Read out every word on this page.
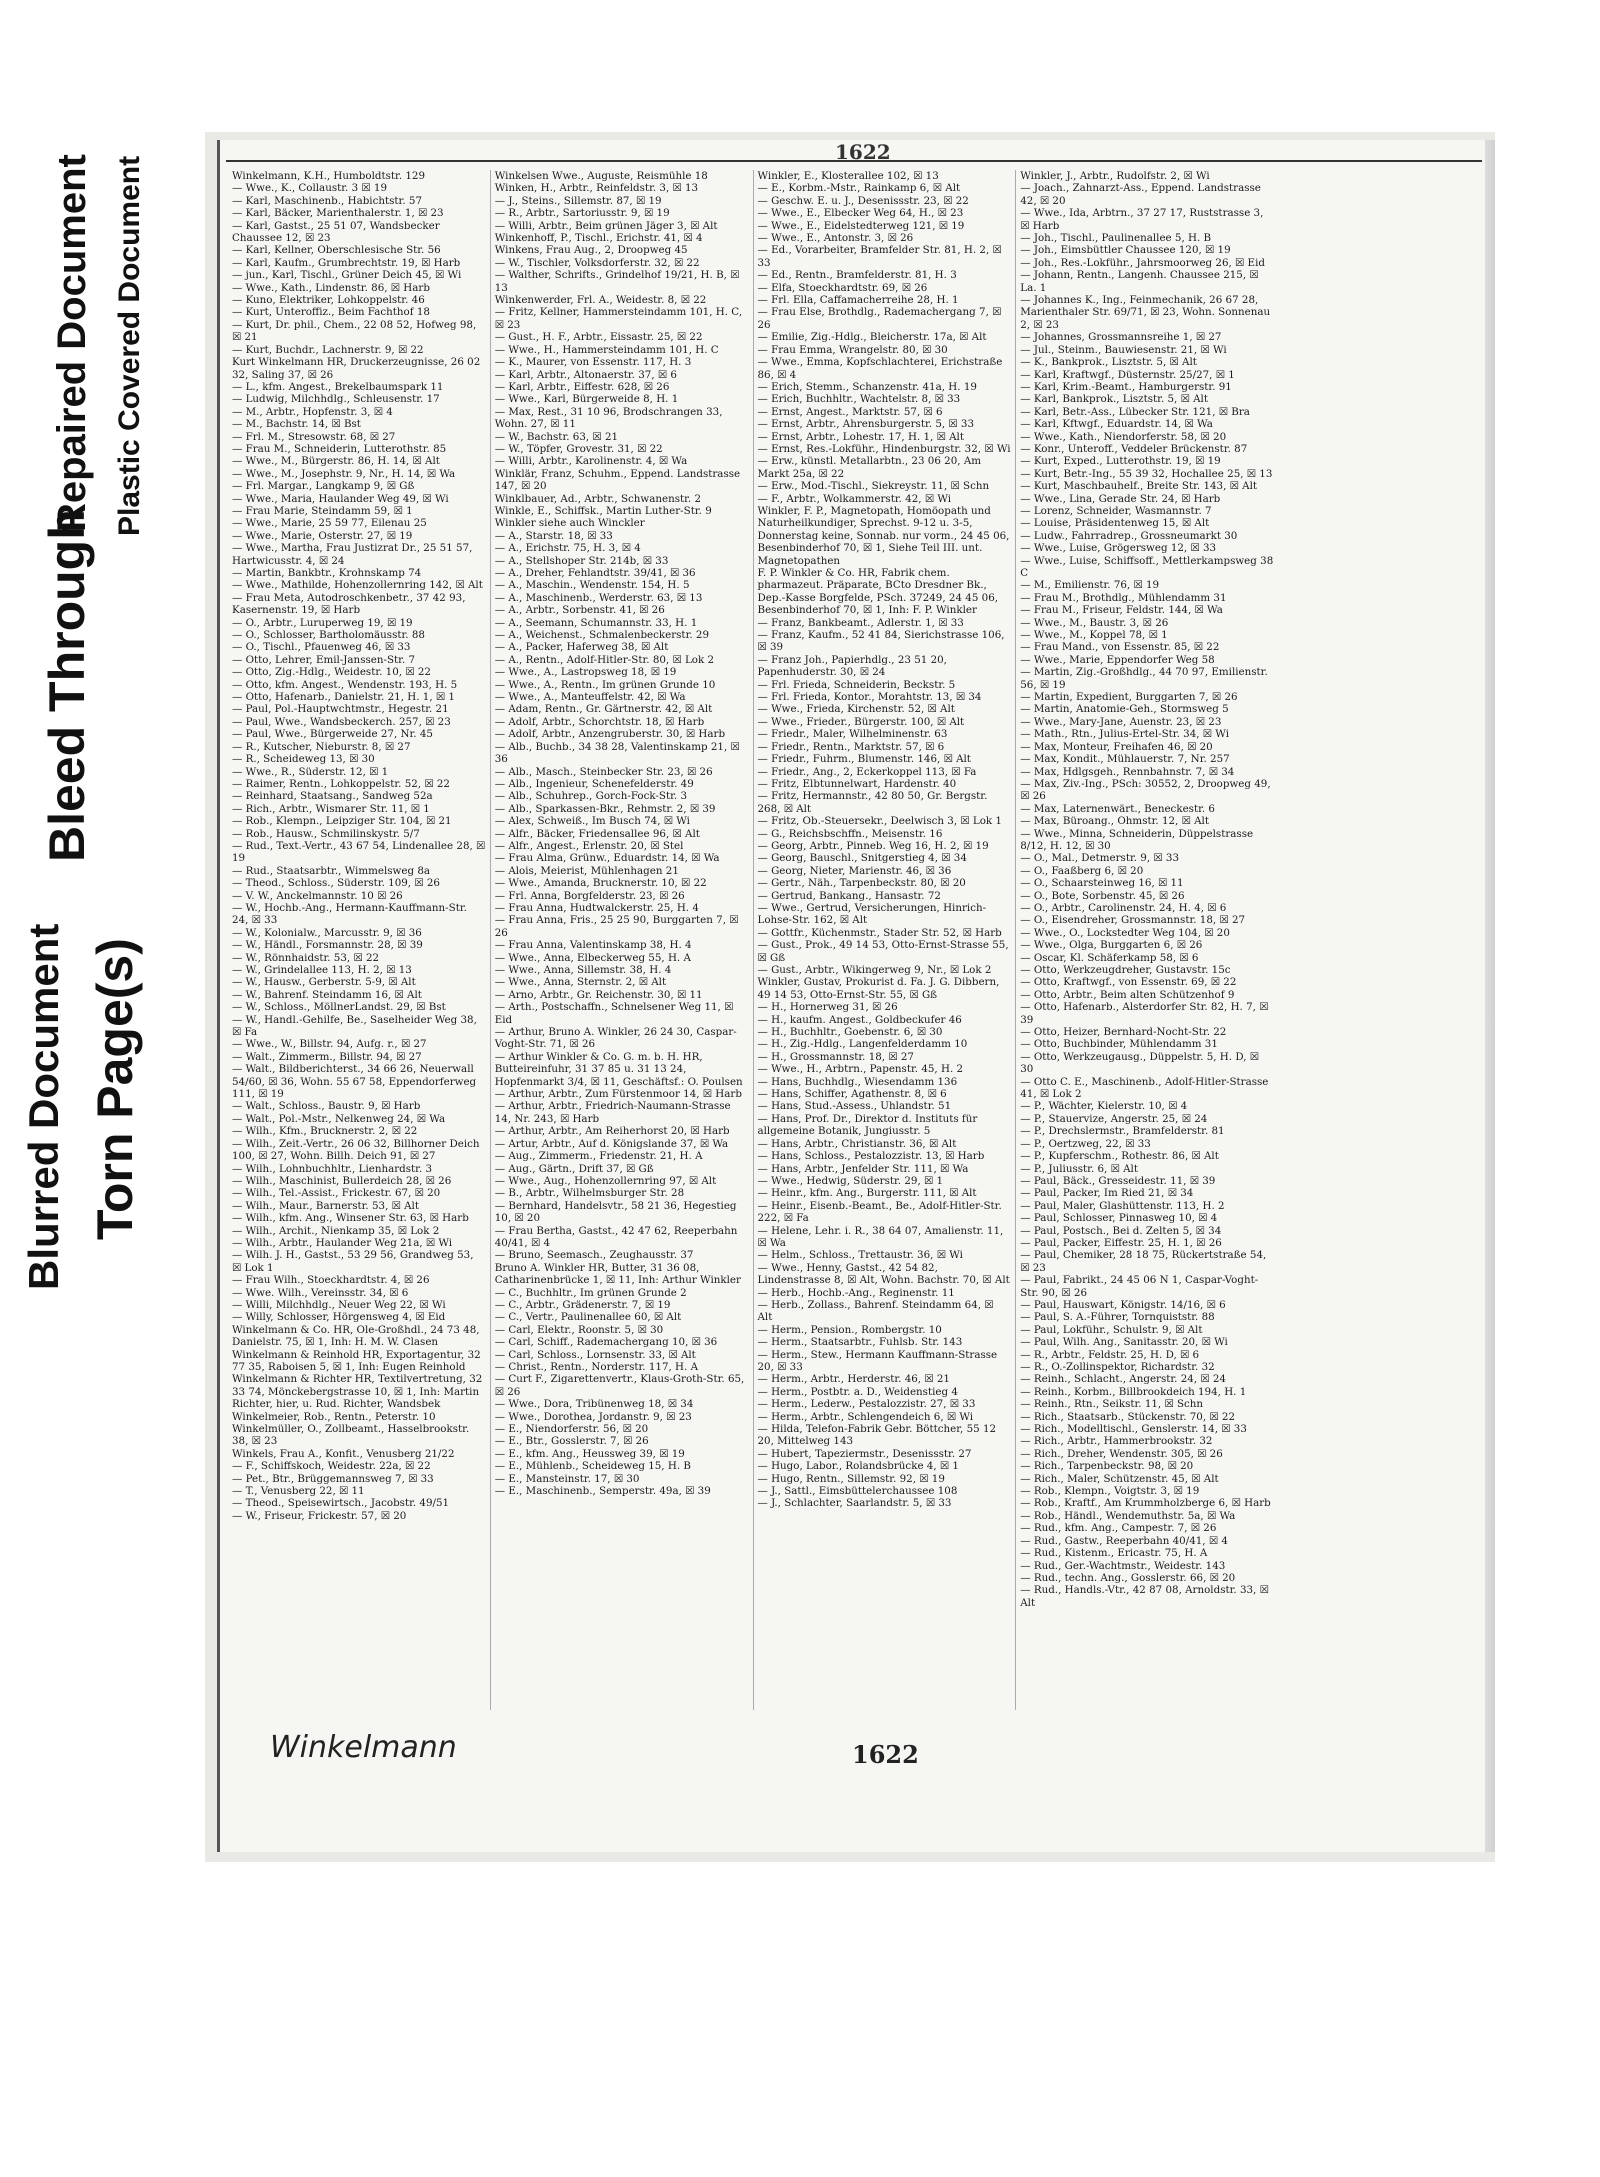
Bleed Through
Repaired Document Plastic Covered Document
Blurred Document Torn Page(s)
1622

Winkelmann, K.H., Humboldtstr. 129

— Wwe., K., Collaustr. 3 ☒ 19

— Karl, Maschinenb., Habichtstr. 57

— Karl, Bäcker, Marienthalerstr. 1, ☒ 23

— Karl, Gastst., 25 51 07, Wandsbecker Chaussee 12, ☒ 23

— Karl, Kellner, Oberschlesische Str. 56

— Karl, Kaufm., Grumbrechtstr. 19, ☒ Harb

— jun., Karl, Tischl., Grüner Deich 45, ☒ Wi

— Wwe., Kath., Lindenstr. 86, ☒ Harb

— Kuno, Elektriker, Lohkoppelstr. 46

— Kurt, Unteroffiz., Beim Fachthof 18

— Kurt, Dr. phil., Chem., 22 08 52, Hofweg 98, ☒ 21

— Kurt, Buchdr., Lachnerstr. 9, ☒ 22

Kurt Winkelmann HR, Druckerzeugnisse, 26 02 32, Saling 37, ☒ 26

— L., kfm. Angest., Brekelbaumspark 11

— Ludwig, Milchhdlg., Schleusenstr. 17

— M., Arbtr., Hopfenstr. 3, ☒ 4

— M., Bachstr. 14, ☒ Bst

— Frl. M., Stresowstr. 68, ☒ 27

— Frau M., Schneiderin, Lutterothstr. 85

— Wwe., M., Bürgerstr. 86, H. 14, ☒ Alt

— Wwe., M., Josephstr. 9, Nr., H. 14, ☒ Wa

— Frl. Margar., Langkamp 9, ☒ Gß

— Wwe., Maria, Haulander Weg 49, ☒ Wi

— Frau Marie, Steindamm 59, ☒ 1

— Wwe., Marie, 25 59 77, Eilenau 25

— Wwe., Marie, Osterstr. 27, ☒ 19

— Wwe., Martha, Frau Justizrat Dr., 25 51 57, Hartwicusstr. 4, ☒ 24

— Martin, Bankbtr., Krohnskamp 74

— Wwe., Mathilde, Hohenzollernring 142, ☒ Alt

— Frau Meta, Autodroschkenbetr., 37 42 93, Kasernenstr. 19, ☒ Harb

— O., Arbtr., Luruperweg 19, ☒ 19

— O., Schlosser, Bartholomäusstr. 88

— O., Tischl., Pfauenweg 46, ☒ 33

— Otto, Lehrer, Emil-Janssen-Str. 7

— Otto, Zig.-Hdlg., Weidestr. 10, ☒ 22

— Otto, kfm. Angest., Wendenstr. 193, H. 5

— Otto, Hafenarb., Danielstr. 21, H. 1, ☒ 1

— Paul, Pol.-Hauptwchtmstr., Hegestr. 21

— Paul, Wwe., Wandsbeckerch. 257, ☒ 23

— Paul, Wwe., Bürgerweide 27, Nr. 45

— R., Kutscher, Nieburstr. 8, ☒ 27

— R., Scheideweg 13, ☒ 30

— Wwe., R., Süderstr. 12, ☒ 1

— Raimer, Rentn., Lohkoppelstr. 52, ☒ 22

— Reinhard, Staatsang., Sandweg 52a

— Rich., Arbtr., Wismarer Str. 11, ☒ 1

— Rob., Klempn., Leipziger Str. 104, ☒ 21

— Rob., Hausw., Schmilinskystr. 5/7

— Rud., Text.-Vertr., 43 67 54, Lindenallee 28, ☒ 19

— Rud., Staatsarbtr., Wimmelsweg 8a

— Theod., Schloss., Süderstr. 109, ☒ 26

— V. W., Anckelmannstr. 10 ☒ 26

— W., Hochb.-Ang., Hermann-Kauffmann-Str. 24, ☒ 33

— W., Kolonialw., Marcusstr. 9, ☒ 36

— W., Händl., Forsmannstr. 28, ☒ 39

— W., Rönnhaidstr. 53, ☒ 22

— W., Grindelallee 113, H. 2, ☒ 13

— W., Hausw., Gerberstr. 5-9, ☒ Alt

— W., Bahrenf. Steindamm 16, ☒ Alt

— W., Schloss., MöllnerLandst. 29, ☒ Bst

— W., Handl.-Gehilfe, Be., Saselheider Weg 38, ☒ Fa

— Wwe., W., Billstr. 94, Aufg. r., ☒ 27

— Walt., Zimmerm., Billstr. 94, ☒ 27

— Walt., Bildberichterst., 34 66 26, Neuerwall 54/60, ☒ 36, Wohn. 55 67 58, Eppendorferweg 111, ☒ 19

— Walt., Schloss., Baustr. 9, ☒ Harb

— Walt., Pol.-Mstr., Nelkenweg 24, ☒ Wa

— Wilh., Kfm., Brucknerstr. 2, ☒ 22

— Wilh., Zeit.-Vertr., 26 06 32, Billhorner Deich 100, ☒ 27, Wohn. Billh. Deich 91, ☒ 27

— Wilh., Lohnbuchhltr., Lienhardstr. 3

— Wilh., Maschinist, Bullerdeich 28, ☒ 26

— Wilh., Tel.-Assist., Frickestr. 67, ☒ 20

— Wilh., Maur., Barnerstr. 53, ☒ Alt

— Wilh., kfm. Ang., Winsener Str. 63, ☒ Harb

— Wilh., Archit., Nienkamp 35, ☒ Lok 2

— Wilh., Arbtr., Haulander Weg 21a, ☒ Wi

— Wilh. J. H., Gastst., 53 29 56, Grandweg 53, ☒ Lok 1

— Frau Wilh., Stoeckhardtstr. 4, ☒ 26

— Wwe. Wilh., Vereinsstr. 34, ☒ 6

— Willi, Milchhdlg., Neuer Weg 22, ☒ Wi

— Willy, Schlosser, Hörgensweg 4, ☒ Eid

Winkelmann & Co. HR, Ole-Großhdl., 24 73 48, Danielstr. 75, ☒ 1, Inh: H. M. W. Clasen

Winkelmann & Reinhold HR, Exportagentur, 32 77 35, Raboisen 5, ☒ 1, Inh: Eugen Reinhold

Winkelmann & Richter HR, Textilvertretung, 32 33 74, Mönckebergstrasse 10, ☒ 1, Inh: Martin Richter, hier, u. Rud. Richter, Wandsbek

Winkelmeier, Rob., Rentn., Peterstr. 10

Winkelmüller, O., Zollbeamt., Hasselbrookstr. 38, ☒ 23

Winkels, Frau A., Konfit., Venusberg 21/22

— F., Schiffskoch, Weidestr. 22a, ☒ 22

— Pet., Btr., Brüggemannsweg 7, ☒ 33

— T., Venusberg 22, ☒ 11

— Theod., Speisewirtsch., Jacobstr. 49/51

— W., Friseur, Frickestr. 57, ☒ 20

Winkelsen Wwe., Auguste, Reismühle 18

Winken, H., Arbtr., Reinfeldstr. 3, ☒ 13

— J., Steins., Sillemstr. 87, ☒ 19

— R., Arbtr., Sartoriusstr. 9, ☒ 19

— Willi, Arbtr., Beim grünen Jäger 3, ☒ Alt

Winkenhoff, P., Tischl., Erichstr. 41, ☒ 4

Winkens, Frau Aug., 2, Droopweg 45

— W., Tischler, Volksdorferstr. 32, ☒ 22

— Walther, Schrifts., Grindelhof 19/21, H. B, ☒ 13

Winkenwerder, Frl. A., Weidestr. 8, ☒ 22

— Fritz, Kellner, Hammersteindamm 101, H. C, ☒ 23

— Gust., H. F., Arbtr., Eissastr. 25, ☒ 22

— Wwe., H., Hammersteindamm 101, H. C

— K., Maurer, von Essenstr. 117, H. 3

— Karl, Arbtr., Altonaerstr. 37, ☒ 6

— Karl, Arbtr., Eiffestr. 628, ☒ 26

— Wwe., Karl, Bürgerweide 8, H. 1

— Max, Rest., 31 10 96, Brodschrangen 33, Wohn. 27, ☒ 11

— W., Bachstr. 63, ☒ 21

— W., Töpfer, Grovestr. 31, ☒ 22

— Willi, Arbtr., Karolinenstr. 4, ☒ Wa

Winklär, Franz, Schuhm., Eppend. Landstrasse 147, ☒ 20

Winklbauer, Ad., Arbtr., Schwanenstr. 2

Winkle, E., Schiffsk., Martin Luther-Str. 9

Winkler siehe auch Winckler

— A., Starstr. 18, ☒ 33

— A., Erichstr. 75, H. 3, ☒ 4

— A., Stellshoper Str. 214b, ☒ 33

— A., Dreher, Fehlandtstr. 39/41, ☒ 36

— A., Maschin., Wendenstr. 154, H. 5

— A., Maschinenb., Werderstr. 63, ☒ 13

— A., Arbtr., Sorbenstr. 41, ☒ 26

— A., Seemann, Schumannstr. 33, H. 1

— A., Weichenst., Schmalenbeckerstr. 29

— A., Packer, Haferweg 38, ☒ Alt

— A., Rentn., Adolf-Hitler-Str. 80, ☒ Lok 2

— Wwe., A., Lastropsweg 18, ☒ 19

— Wwe., A., Rentn., Im grünen Grunde 10

— Wwe., A., Manteuffelstr. 42, ☒ Wa

— Adam, Rentn., Gr. Gärtnerstr. 42, ☒ Alt

— Adolf, Arbtr., Schorchtstr. 18, ☒ Harb

— Adolf, Arbtr., Anzengruberstr. 30, ☒ Harb

— Alb., Buchb., 34 38 28, Valentinskamp 21, ☒ 36

— Alb., Masch., Steinbecker Str. 23, ☒ 26

— Alb., Ingenieur, Schenefelderstr. 49

— Alb., Schuhrep., Gorch-Fock-Str. 3

— Alb., Sparkassen-Bkr., Rehmstr. 2, ☒ 39

— Alex, Schweiß., Im Busch 74, ☒ Wi

— Alfr., Bäcker, Friedensallee 96, ☒ Alt

— Alfr., Angest., Erlenstr. 20, ☒ Stel

— Frau Alma, Grünw., Eduardstr. 14, ☒ Wa

— Alois, Meierist, Mühlenhagen 21

— Wwe., Amanda, Brucknerstr. 10, ☒ 22

— Frl. Anna, Borgfelderstr. 23, ☒ 26

— Frau Anna, Hudtwalckerstr. 25, H. 4

— Frau Anna, Fris., 25 25 90, Burggarten 7, ☒ 26

— Frau Anna, Valentinskamp 38, H. 4

— Wwe., Anna, Elbeckerweg 55, H. A

— Wwe., Anna, Sillemstr. 38, H. 4

— Wwe., Anna, Sternstr. 2, ☒ Alt

— Arno, Arbtr., Gr. Reichenstr. 30, ☒ 11

— Arth., Postschaffn., Schnelsener Weg 11, ☒ Eid

— Arthur, Bruno A. Winkler, 26 24 30, Caspar-Voght-Str. 71, ☒ 26

— Arthur Winkler & Co. G. m. b. H. HR, Butteireinfuhr, 31 37 85 u. 31 13 24, Hopfenmarkt 3/4, ☒ 11, Geschäftsf.: O. Poulsen

— Arthur, Arbtr., Zum Fürstenmoor 14, ☒ Harb

— Arthur, Arbtr., Friedrich-Naumann-Strasse 14, Nr. 243, ☒ Harb

— Arthur, Arbtr., Am Reiherhorst 20, ☒ Harb

— Artur, Arbtr., Auf d. Königslande 37, ☒ Wa

— Aug., Zimmerm., Friedenstr. 21, H. A

— Aug., Gärtn., Drift 37, ☒ Gß

— Wwe., Aug., Hohenzollernring 97, ☒ Alt

— B., Arbtr., Wilhelmsburger Str. 28

— Bernhard, Handelsvtr., 58 21 36, Hegestieg 10, ☒ 20

— Frau Bertha, Gastst., 42 47 62, Reeperbahn 40/41, ☒ 4

— Bruno, Seemasch., Zeughausstr. 37

Bruno A. Winkler HR, Butter, 31 36 08, Catharinenbrücke 1, ☒ 11, Inh: Arthur Winkler

— C., Buchhltr., Im grünen Grunde 2

— C., Arbtr., Grädenerstr. 7, ☒ 19

— C., Vertr., Paulinenallee 60, ☒ Alt

— Carl, Elektr., Roonstr. 5, ☒ 30

— Carl, Schiff., Rademachergang 10, ☒ 36

— Carl, Schloss., Lornsenstr. 33, ☒ Alt

— Christ., Rentn., Norderstr. 117, H. A

— Curt F., Zigarettenvertr., Klaus-Groth-Str. 65, ☒ 26

— Wwe., Dora, Tribünenweg 18, ☒ 34

— Wwe., Dorothea, Jordanstr. 9, ☒ 23

— E., Niendorferstr. 56, ☒ 20

— E., Btr., Gosslerstr. 7, ☒ 26

— E., kfm. Ang., Heussweg 39, ☒ 19

— E., Mühlenb., Scheideweg 15, H. B

— E., Mansteinstr. 17, ☒ 30

— E., Maschinenb., Semperstr. 49a, ☒ 39

Winkler, E., Klosterallee 102, ☒ 13

— E., Korbm.-Mstr., Rainkamp 6, ☒ Alt

— Geschw. E. u. J., Desenissstr. 23, ☒ 22

— Wwe., E., Elbecker Weg 64, H., ☒ 23

— Wwe., E., Eidelstedterweg 121, ☒ 19

— Wwe., E., Antonstr. 3, ☒ 26

— Ed., Vorarbeiter, Bramfelder Str. 81, H. 2, ☒ 33

— Ed., Rentn., Bramfelderstr. 81, H. 3

— Elfa, Stoeckhardtstr. 69, ☒ 26

— Frl. Ella, Caffamacherreihe 28, H. 1

— Frau Else, Brothdlg., Rademachergang 7, ☒ 26

— Emilie, Zig.-Hdlg., Bleicherstr. 17a, ☒ Alt

— Frau Emma, Wrangelstr. 80, ☒ 30

— Wwe., Emma, Kopfschlachterei, Erichstraße 86, ☒ 4

— Erich, Stemm., Schanzenstr. 41a, H. 19

— Erich, Buchhltr., Wachtelstr. 8, ☒ 33

— Ernst, Angest., Marktstr. 57, ☒ 6

— Ernst, Arbtr., Ahrensburgerstr. 5, ☒ 33

— Ernst, Arbtr., Lohestr. 17, H. 1, ☒ Alt

— Ernst, Res.-Lokführ., Hindenburgstr. 32, ☒ Wi

— Erw., künstl. Metallarbtn., 23 06 20, Am Markt 25a, ☒ 22

— Erw., Mod.-Tischl., Siekreystr. 11, ☒ Schn

— F., Arbtr., Wolkammerstr. 42, ☒ Wi

Winkler, F. P., Magnetopath, Homöopath und Naturheilkundiger, Sprechst. 9-12 u. 3-5, Donnerstag keine, Sonnab. nur vorm., 24 45 06, Besenbinderhof 70, ☒ 1, Siehe Teil III. unt. Magnetopathen

F. P. Winkler & Co. HR, Fabrik chem. pharmazeut. Präparate, BCto Dresdner Bk., Dep.-Kasse Borgfelde, PSch. 37249, 24 45 06, Besenbinderhof 70, ☒ 1, Inh: F. P. Winkler

— Franz, Bankbeamt., Adlerstr. 1, ☒ 33

— Franz, Kaufm., 52 41 84, Sierichstrasse 106, ☒ 39

— Franz Joh., Papierhdlg., 23 51 20, Papenhuderstr. 30, ☒ 24

— Frl. Frieda, Schneiderin, Beckstr. 5

— Frl. Frieda, Kontor., Morahtstr. 13, ☒ 34

— Wwe., Frieda, Kirchenstr. 52, ☒ Alt

— Wwe., Frieder., Bürgerstr. 100, ☒ Alt

— Friedr., Maler, Wilhelminenstr. 63

— Friedr., Rentn., Marktstr. 57, ☒ 6

— Friedr., Fuhrm., Blumenstr. 146, ☒ Alt

— Friedr., Ang., 2, Eckerkoppel 113, ☒ Fa

— Fritz, Elbtunnelwart, Hardenstr. 40

— Fritz, Hermannstr., 42 80 50, Gr. Bergstr. 268, ☒ Alt

— Fritz, Ob.-Steuersekr., Deelwisch 3, ☒ Lok 1

— G., Reichsbschffn., Meisenstr. 16

— Georg, Arbtr., Pinneb. Weg 16, H. 2, ☒ 19

— Georg, Bauschl., Snitgerstieg 4, ☒ 34

— Georg, Nieter, Marienstr. 46, ☒ 36

— Gertr., Näh., Tarpenbeckstr. 80, ☒ 20

— Gertrud, Bankang., Hansastr. 72

— Wwe., Gertrud, Versicherungen, Hinrich-Lohse-Str. 162, ☒ Alt

— Gottfr., Küchenmstr., Stader Str. 52, ☒ Harb

— Gust., Prok., 49 14 53, Otto-Ernst-Strasse 55, ☒ Gß

— Gust., Arbtr., Wikingerweg 9, Nr., ☒ Lok 2

Winkler, Gustav, Prokurist d. Fa. J. G. Dibbern, 49 14 53, Otto-Ernst-Str. 55, ☒ Gß

— H., Hornerweg 31, ☒ 26

— H., kaufm. Angest., Goldbeckufer 46

— H., Buchhltr., Goebenstr. 6, ☒ 30

— H., Zig.-Hdlg., Langenfelderdamm 10

— H., Grossmannstr. 18, ☒ 27

— Wwe., H., Arbtrn., Papenstr. 45, H. 2

— Hans, Buchhdlg., Wiesendamm 136

— Hans, Schiffer, Agathenstr. 8, ☒ 6

— Hans, Stud.-Assess., Uhlandstr. 51

— Hans, Prof. Dr., Direktor d. Instituts für allgemeine Botanik, Jungiusstr. 5

— Hans, Arbtr., Christianstr. 36, ☒ Alt

— Hans, Schloss., Pestalozzistr. 13, ☒ Harb

— Hans, Arbtr., Jenfelder Str. 111, ☒ Wa

— Wwe., Hedwig, Süderstr. 29, ☒ 1

— Heinr., kfm. Ang., Burgerstr. 111, ☒ Alt

— Heinr., Eisenb.-Beamt., Be., Adolf-Hitler-Str. 222, ☒ Fa

— Helene, Lehr. i. R., 38 64 07, Amalienstr. 11, ☒ Wa

— Helm., Schloss., Trettaustr. 36, ☒ Wi

— Wwe., Henny, Gastst., 42 54 82, Lindenstrasse 8, ☒ Alt, Wohn. Bachstr. 70, ☒ Alt

— Herb., Hochb.-Ang., Reginenstr. 11

— Herb., Zollass., Bahrenf. Steindamm 64, ☒ Alt

— Herm., Pension., Rombergstr. 10

— Herm., Staatsarbtr., Fuhlsb. Str. 143

— Herm., Stew., Hermann Kauffmann-Strasse 20, ☒ 33

— Herm., Arbtr., Herderstr. 46, ☒ 21

— Herm., Postbtr. a. D., Weidenstieg 4

— Herm., Lederw., Pestalozzistr. 27, ☒ 33

— Herm., Arbtr., Schlengendeich 6, ☒ Wi

— Hilda, Telefon-Fabrik Gebr. Böttcher, 55 12 20, Mittelweg 143

— Hubert, Tapeziermstr., Desenissstr. 27

— Hugo, Labor., Rolandsbrücke 4, ☒ 1

— Hugo, Rentn., Sillemstr. 92, ☒ 19

— J., Sattl., Eimsbüttelerchaussee 108

— J., Schlachter, Saarlandstr. 5, ☒ 33

Winkler, J., Arbtr., Rudolfstr. 2, ☒ Wi

— Joach., Zahnarzt-Ass., Eppend. Landstrasse 42, ☒ 20

— Wwe., Ida, Arbtrn., 37 27 17, Ruststrasse 3, ☒ Harb

— Joh., Tischl., Paulinenallee 5, H. B

— Joh., Eimsbüttler Chaussee 120, ☒ 19

— Joh., Res.-Lokführ., Jahrsmoorweg 26, ☒ Eid

— Johann, Rentn., Langenh. Chaussee 215, ☒ La. 1

— Johannes K., Ing., Feinmechanik, 26 67 28, Marienthaler Str. 69/71, ☒ 23, Wohn. Sonnenau 2, ☒ 23

— Johannes, Grossmannsreihe 1, ☒ 27

— Jul., Steinm., Bauwiesenstr. 21, ☒ Wi

— K., Bankprok., Lisztstr. 5, ☒ Alt

— Karl, Kraftwgf., Düsternstr. 25/27, ☒ 1

— Karl, Krim.-Beamt., Hamburgerstr. 91

— Karl, Bankprok., Lisztstr. 5, ☒ Alt

— Karl, Betr.-Ass., Lübecker Str. 121, ☒ Bra

— Karl, Kftwgf., Eduardstr. 14, ☒ Wa

— Wwe., Kath., Niendorferstr. 58, ☒ 20

— Konr., Unteroff., Veddeler Brückenstr. 87

— Kurt, Exped., Lutterothstr. 19, ☒ 19

— Kurt, Betr.-Ing., 55 39 32, Hochallee 25, ☒ 13

— Kurt, Maschbauhelf., Breite Str. 143, ☒ Alt

— Wwe., Lina, Gerade Str. 24, ☒ Harb

— Lorenz, Schneider, Wasmannstr. 7

— Louise, Präsidentenweg 15, ☒ Alt

— Ludw., Fahrradrep., Grossneumarkt 30

— Wwe., Luise, Grögersweg 12, ☒ 33

— Wwe., Luise, Schiffsoff., Mettlerkampsweg 38 C

— M., Emilienstr. 76, ☒ 19

— Frau M., Brothdlg., Mühlendamm 31

— Frau M., Friseur, Feldstr. 144, ☒ Wa

— Wwe., M., Baustr. 3, ☒ 26

— Wwe., M., Koppel 78, ☒ 1

— Frau Mand., von Essenstr. 85, ☒ 22

— Wwe., Marie, Eppendorfer Weg 58

— Martin, Zig.-Großhdlg., 44 70 97, Emilienstr. 56, ☒ 19

— Martin, Expedient, Burggarten 7, ☒ 26

— Martin, Anatomie-Geh., Stormsweg 5

— Wwe., Mary-Jane, Auenstr. 23, ☒ 23

— Math., Rtn., Julius-Ertel-Str. 34, ☒ Wi

— Max, Monteur, Freihafen 46, ☒ 20

— Max, Kondit., Mühlauerstr. 7, Nr. 257

— Max, Hdlgsgeh., Rennbahnstr. 7, ☒ 34

— Max, Ziv.-Ing., PSch: 30552, 2, Droopweg 49, ☒ 26

— Max, Laternenwärt., Beneckestr. 6

— Max, Büroang., Ohmstr. 12, ☒ Alt

— Wwe., Minna, Schneiderin, Düppelstrasse 8/12, H. 12, ☒ 30

— O., Mal., Detmerstr. 9, ☒ 33

— O., Faaßberg 6, ☒ 20

— O., Schaarsteinweg 16, ☒ 11

— O., Bote, Sorbenstr. 45, ☒ 26

— O., Arbtr., Carolinenstr. 24, H. 4, ☒ 6

— O., Eisendreher, Grossmannstr. 18, ☒ 27

— Wwe., O., Lockstedter Weg 104, ☒ 20

— Wwe., Olga, Burggarten 6, ☒ 26

— Oscar, Kl. Schäferkamp 58, ☒ 6

— Otto, Werkzeugdreher, Gustavstr. 15c

— Otto, Kraftwgf., von Essenstr. 69, ☒ 22

— Otto, Arbtr., Beim alten Schützenhof 9

— Otto, Hafenarb., Alsterdorfer Str. 82, H. 7, ☒ 39

— Otto, Heizer, Bernhard-Nocht-Str. 22

— Otto, Buchbinder, Mühlendamm 31

— Otto, Werkzeugausg., Düppelstr. 5, H. D, ☒ 30

— Otto C. E., Maschinenb., Adolf-Hitler-Strasse 41, ☒ Lok 2

— P., Wächter, Kielerstr. 10, ☒ 4

— P., Stauervize, Angerstr. 25, ☒ 24

— P., Drechslermstr., Bramfelderstr. 81

— P., Oertzweg, 22, ☒ 33

— P., Kupferschm., Rothestr. 86, ☒ Alt

— P., Juliusstr. 6, ☒ Alt

— Paul, Bäck., Gresseidestr. 11, ☒ 39

— Paul, Packer, Im Ried 21, ☒ 34

— Paul, Maler, Glashüttenstr. 113, H. 2

— Paul, Schlosser, Pinnasweg 10, ☒ 4

— Paul, Postsch., Bei d. Zelten 5, ☒ 34

— Paul, Packer, Eiffestr. 25, H. 1, ☒ 26

— Paul, Chemiker, 28 18 75, Rückertstraße 54, ☒ 23

— Paul, Fabrikt., 24 45 06 N 1, Caspar-Voght-Str. 90, ☒ 26

— Paul, Hauswart, Königstr. 14/16, ☒ 6

— Paul, S. A.-Führer, Tornquiststr. 88

— Paul, Lokführ., Schulstr. 9, ☒ Alt

— Paul, Wilh. Ang., Sanitasstr. 20, ☒ Wi

— R., Arbtr., Feldstr. 25, H. D, ☒ 6

— R., O.-Zollinspektor, Richardstr. 32

— Reinh., Schlacht., Angerstr. 24, ☒ 24

— Reinh., Korbm., Billbrookdeich 194, H. 1

— Reinh., Rtn., Seikstr. 11, ☒ Schn

— Rich., Staatsarb., Stückenstr. 70, ☒ 22

— Rich., Modelltischl., Genslerstr. 14, ☒ 33

— Rich., Arbtr., Hammerbrookstr. 32

— Rich., Dreher, Wendenstr. 305, ☒ 26

— Rich., Tarpenbeckstr. 98, ☒ 20

— Rich., Maler, Schützenstr. 45, ☒ Alt

— Rob., Klempn., Voigtstr. 3, ☒ 19

— Rob., Kraftf., Am Krummholzberge 6, ☒ Harb

— Rob., Händl., Wendemuthstr. 5a, ☒ Wa

— Rud., kfm. Ang., Campestr. 7, ☒ 26

— Rud., Gastw., Reeperbahn 40/41, ☒ 4

— Rud., Kistenm., Ericastr. 75, H. A

— Rud., Ger.-Wachtmstr., Weidestr. 143

— Rud., techn. Ang., Gosslerstr. 66, ☒ 20

— Rud., Handls.-Vtr., 42 87 08, Arnoldstr. 33, ☒ Alt

Winkelmann	1622
